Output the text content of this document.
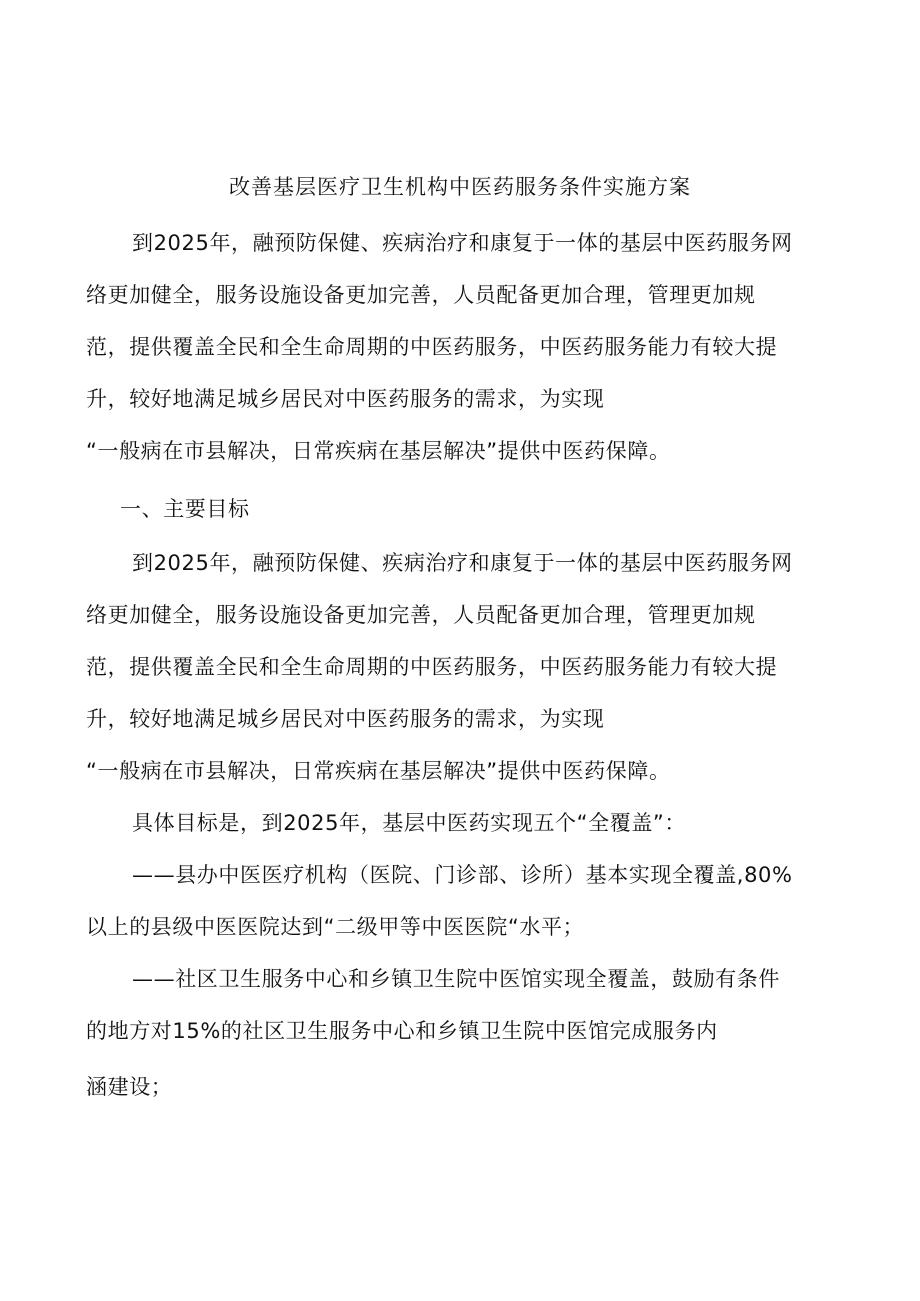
改善基层医疗卫生机构中医药服务条件实施方案
到2025年，融预防保健、疾病治疗和康复于一体的基层中医药服务网
络更加健全，服务设施设备更加完善，人员配备更加合理，管理更加规
范，提供覆盖全民和全生命周期的中医药服务，中医药服务能力有较大提
升，较好地满足城乡居民对中医药服务的需求，为实现
“一般病在市县解决，日常疾病在基层解决”提供中医药保障。
一、主要目标
到2025年，融预防保健、疾病治疗和康复于一体的基层中医药服务网
络更加健全，服务设施设备更加完善，人员配备更加合理，管理更加规
范，提供覆盖全民和全生命周期的中医药服务，中医药服务能力有较大提
升，较好地满足城乡居民对中医药服务的需求，为实现
“一般病在市县解决，日常疾病在基层解决”提供中医药保障。
具体目标是，到2025年，基层中医药实现五个“全覆盖”：
——县办中医医疗机构（医院、门诊部、诊所）基本实现全覆盖,80%
以上的县级中医医院达到“二级甲等中医医院“水平；
——社区卫生服务中心和乡镇卫生院中医馆实现全覆盖，鼓励有条件
的地方对15%的社区卫生服务中心和乡镇卫生院中医馆完成服务内
涵建设；
